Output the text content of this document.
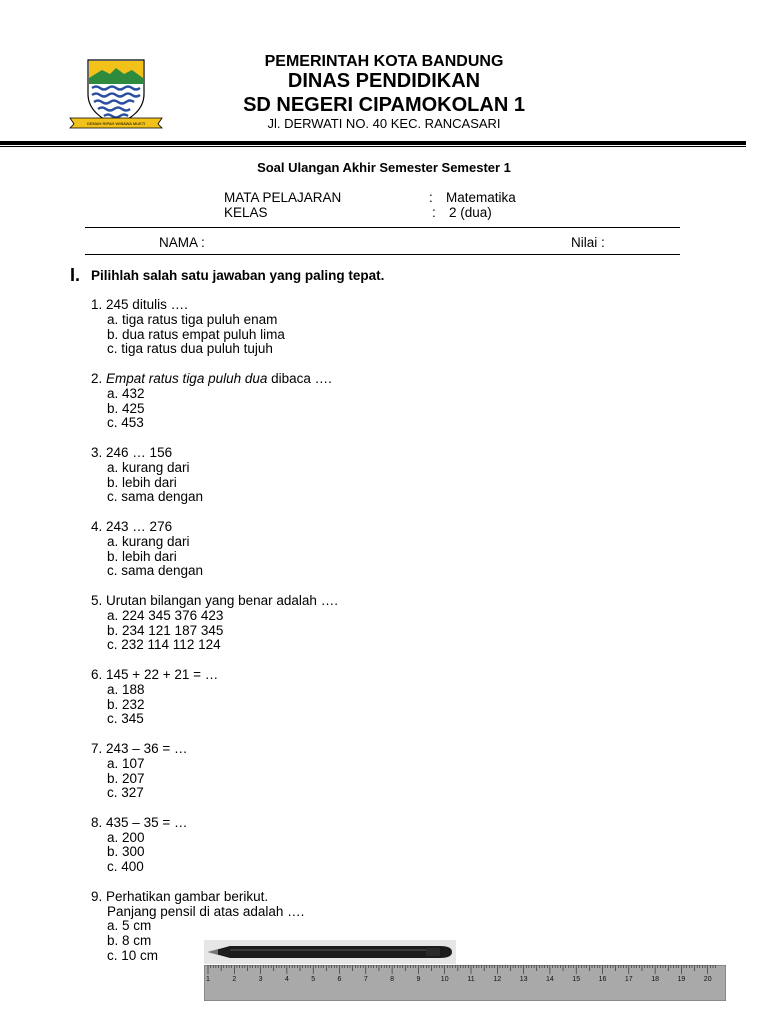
GEMAH RIPAH WIBAWA MUKTI
PEMERINTAH KOTA BANDUNG
DINAS PENDIDIKAN
SD NEGERI CIPAMOKOLAN 1
Jl. DERWATI NO. 40 KEC. RANCASARI
Soal Ulangan Akhir Semester Semester 1
MATA PELAJARAN	: Matematika
KELAS	: 2 (dua)
NAMA :	Nilai :
I. Pilihlah salah satu jawaban yang paling tepat.
1. 245 ditulis ….
a. tiga ratus tiga puluh enam
b. dua ratus empat puluh lima
c. tiga ratus dua puluh tujuh
2. Empat ratus tiga puluh dua dibaca ….
a. 432
b. 425
c. 453
3. 246 … 156
a. kurang dari
b. lebih dari
c. sama dengan
4. 243 … 276
a. kurang dari
b. lebih dari
c. sama dengan
5. Urutan bilangan yang benar adalah ….
a. 224 345 376 423
b. 234 121 187 345
c. 232 114 112 124
6. 145 + 22 + 21 = …
a. 188
b. 232
c. 345
7. 243 – 36 = …
a. 107
b. 207
c. 327
8. 435 – 35 = …
a. 200
b. 300
c. 400
9. Perhatikan gambar berikut.
Panjang pensil di atas adalah ….
a. 5 cm
b. 8 cm
c. 10 cm
1	2	3	4	5	6	7	8	9	10	11	12	13	14	15	16	17	18	19	20
